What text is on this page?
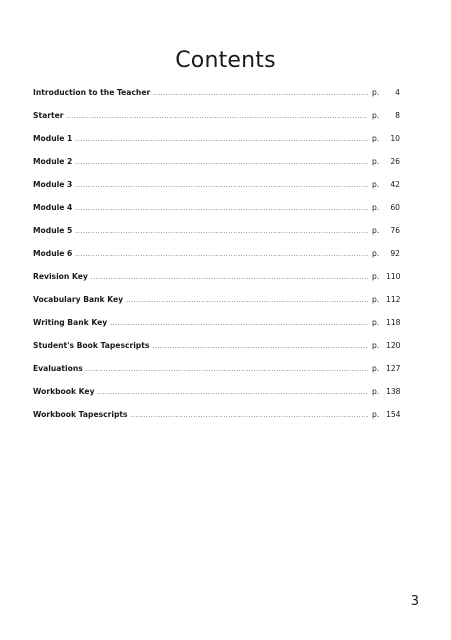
Contents
Introduction to the Teacher .....	p.	4
Starter .....	p.	8
Module 1 .....	p.	10
Module 2 .....	p.	26
Module 3 .....	p.	42
Module 4 .....	p.	60
Module 5 .....	p.	76
Module 6 .....	p.	92
Revision Key .....	p. 110
Vocabulary Bank Key .....	p. 112
Writing Bank Key .....	p. 118
Student's Book Tapescripts .....	p. 120
Evaluations .....	p. 127
Workbook Key .....	p. 138
Workbook Tapescripts .....	p. 154
3
